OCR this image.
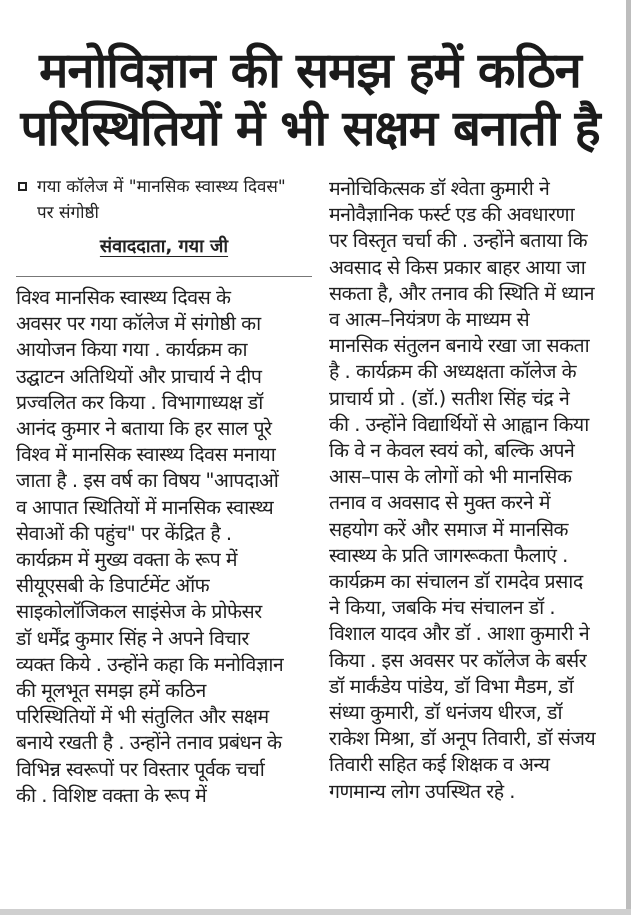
मनोविज्ञान की समझ हमें कठिन
परिस्थितियों में भी सक्षम बनाती है
गया कॉलेज में "मानसिक स्वास्थ्य दिवस" पर संगोष्ठी
संवाददाता, गया जी

विश्व मानसिक स्वास्थ्य दिवस के
अवसर पर गया कॉलेज में संगोष्ठी का
आयोजन किया गया . कार्यक्रम का
उद्घाटन अतिथियों और प्राचार्य ने दीप
प्रज्वलित कर किया . विभागाध्यक्ष डॉ
आनंद कुमार ने बताया कि हर साल पूरे
विश्व में मानसिक स्वास्थ्य दिवस मनाया
जाता है . इस वर्ष का विषय "आपदाओं
व आपात स्थितियों में मानसिक स्वास्थ्य
सेवाओं की पहुंच" पर केंद्रित है .
कार्यक्रम में मुख्य वक्ता के रूप में
सीयूएसबी के डिपार्टमेंट ऑफ
साइकोलॉजिकल साइंसेज के प्रोफेसर
डॉ धर्मेंद्र कुमार सिंह ने अपने विचार
व्यक्त किये . उन्होंने कहा कि मनोविज्ञान
की मूलभूत समझ हमें कठिन
परिस्थितियों में भी संतुलित और सक्षम
बनाये रखती है . उन्होंने तनाव प्रबंधन के
विभिन्न स्वरूपों पर विस्तार पूर्वक चर्चा
की . विशिष्ट वक्ता के रूप में

मनोचिकित्सक डॉ श्वेता कुमारी ने
मनोवैज्ञानिक फर्स्ट एड की अवधारणा
पर विस्तृत चर्चा की . उन्होंने बताया कि
अवसाद से किस प्रकार बाहर आया जा
सकता है, और तनाव की स्थिति में ध्यान
व आत्म–नियंत्रण के माध्यम से
मानसिक संतुलन बनाये रखा जा सकता
है . कार्यक्रम की अध्यक्षता कॉलेज के
प्राचार्य प्रो . (डॉ.) सतीश सिंह चंद्र ने
की . उन्होंने विद्यार्थियों से आह्वान किया
कि वे न केवल स्वयं को, बल्कि अपने
आस–पास के लोगों को भी मानसिक
तनाव व अवसाद से मुक्त करने में
सहयोग करें और समाज में मानसिक
स्वास्थ्य के प्रति जागरूकता फैलाएं .
कार्यक्रम का संचालन डॉ रामदेव प्रसाद
ने किया, जबकि मंच संचालन डॉ .
विशाल यादव और डॉ . आशा कुमारी ने
किया . इस अवसर पर कॉलेज के बर्सर
डॉ मार्कंडेय पांडेय, डॉ विभा मैडम, डॉ
संध्या कुमारी, डॉ धनंजय धीरज, डॉ
राकेश मिश्रा, डॉ अनूप तिवारी, डॉ संजय
तिवारी सहित कई शिक्षक व अन्य
गणमान्य लोग उपस्थित रहे .
